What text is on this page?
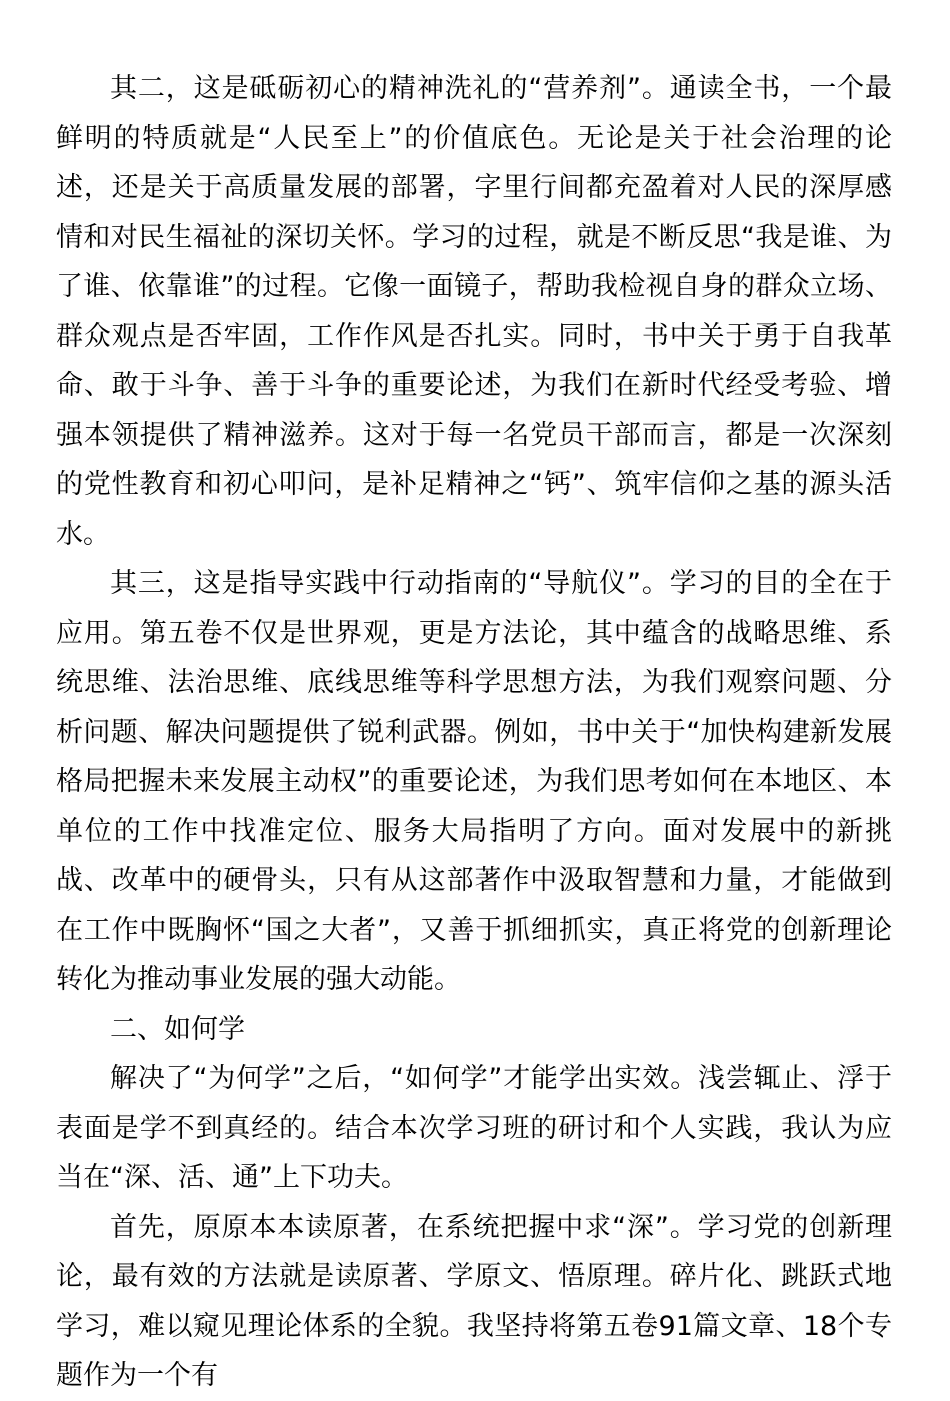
其二，这是砥砺初心的精神洗礼的“营养剂”。通读全书，一个最鲜明的特质就是“人民至上”的价值底色。无论是关于社会治理的论述，还是关于高质量发展的部署，字里行间都充盈着对人民的深厚感情和对民生福祉的深切关怀。学习的过程，就是不断反思“我是谁、为了谁、依靠谁”的过程。它像一面镜子，帮助我检视自身的群众立场、群众观点是否牢固，工作作风是否扎实。同时，书中关于勇于自我革命、敢于斗争、善于斗争的重要论述，为我们在新时代经受考验、增强本领提供了精神滋养。这对于每一名党员干部而言，都是一次深刻的党性教育和初心叩问，是补足精神之“钙”、筑牢信仰之基的源头活水。

其三，这是指导实践中行动指南的“导航仪”。学习的目的全在于应用。第五卷不仅是世界观，更是方法论，其中蕴含的战略思维、系统思维、法治思维、底线思维等科学思想方法，为我们观察问题、分析问题、解决问题提供了锐利武器。例如，书中关于“加快构建新发展格局把握未来发展主动权”的重要论述，为我们思考如何在本地区、本单位的工作中找准定位、服务大局指明了方向。面对发展中的新挑战、改革中的硬骨头，只有从这部著作中汲取智慧和力量，才能做到在工作中既胸怀“国之大者”，又善于抓细抓实，真正将党的创新理论转化为推动事业发展的强大动能。

二、如何学

解决了“为何学”之后，“如何学”才能学出实效。浅尝辄止、浮于表面是学不到真经的。结合本次学习班的研讨和个人实践，我认为应当在“深、活、通”上下功夫。

首先，原原本本读原著，在系统把握中求“深”。学习党的创新理论，最有效的方法就是读原著、学原文、悟原理。碎片化、跳跃式地学习，难以窥见理论体系的全貌。我坚持将第五卷91篇文章、18个专题作为一个有
